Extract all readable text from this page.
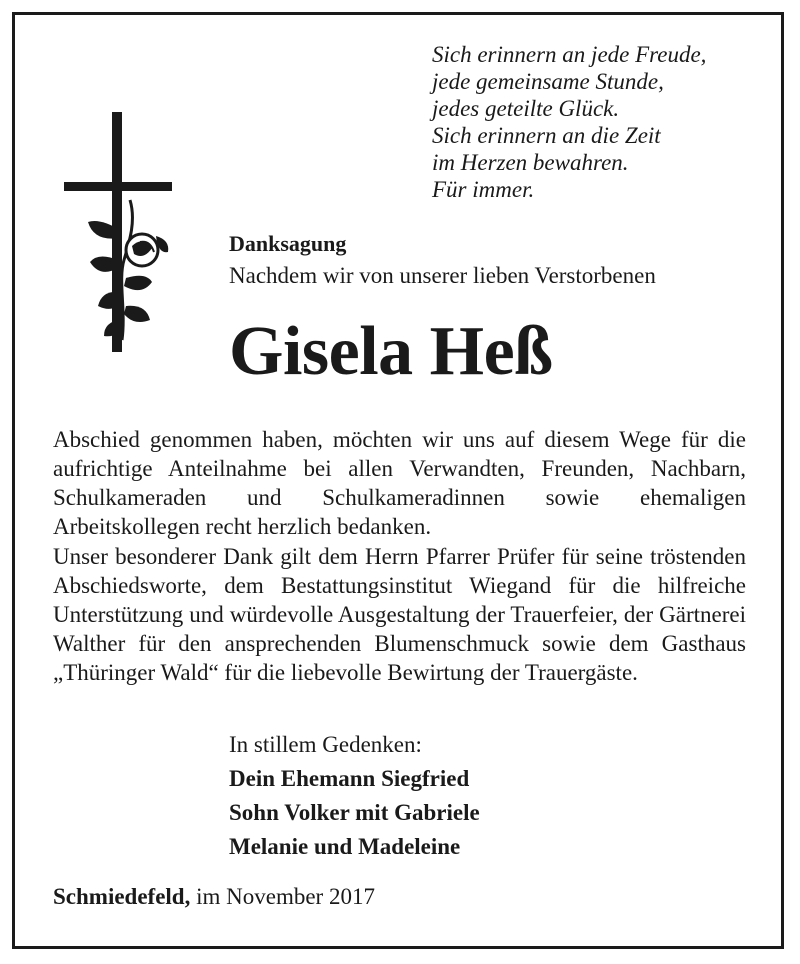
Sich erinnern an jede Freude,
jede gemeinsame Stunde,
jedes geteilte Glück.
Sich erinnern an die Zeit
im Herzen bewahren.
Für immer.
Danksagung
Nachdem wir von unserer lieben Verstorbenen
Gisela Heß
Abschied genommen haben, möchten wir uns auf diesem Wege für die aufrichtige Anteilnahme bei allen Verwandten, Freunden, Nachbarn, Schulkameraden und Schulkameradinnen sowie ehemaligen Arbeitskollegen recht herzlich bedanken.
Unser besonderer Dank gilt dem Herrn Pfarrer Prüfer für seine tröstenden Abschiedsworte, dem Bestattungsinstitut Wiegand für die hilfreiche Unterstützung und würdevolle Ausgestaltung der Trauerfeier, der Gärtnerei Walther für den ansprechenden Blumenschmuck sowie dem Gasthaus „Thüringer Wald“ für die liebevolle Bewirtung der Trauergäste.
In stillem Gedenken:
Dein Ehemann Siegfried
Sohn Volker mit Gabriele
Melanie und Madeleine
Schmiedefeld, im November 2017
